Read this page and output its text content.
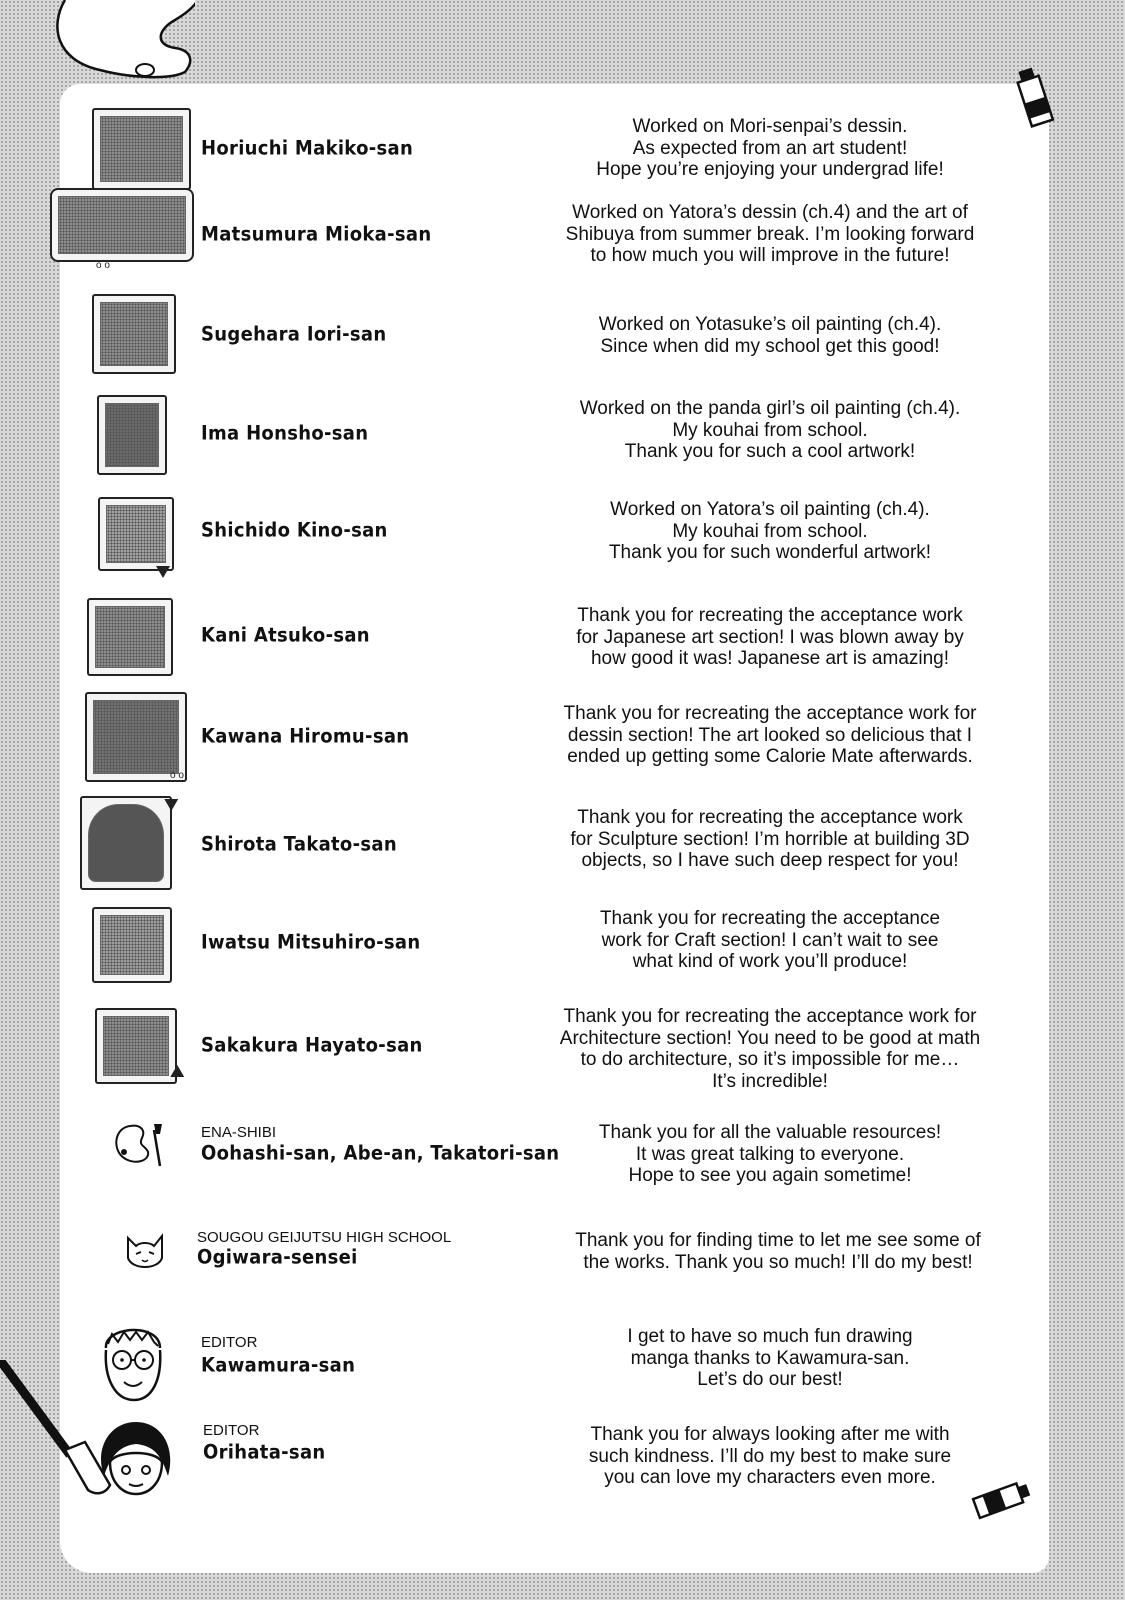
Horiuchi Makiko-san
Worked on Mori-senpai’s dessin.
As expected from an art student!
Hope you’re enjoying your undergrad life!
o o
Matsumura Mioka-san
Worked on Yatora’s dessin (ch.4) and the art of
Shibuya from summer break. I’m looking forward
to how much you will improve in the future!
Sugehara Iori-san	Worked on Yotasuke’s oil painting (ch.4).
Since when did my school get this good!
Ima Honsho-san
Worked on the panda girl’s oil painting (ch.4).
My kouhai from school.
Thank you for such a cool artwork!
Shichido Kino-san
Worked on Yatora’s oil painting (ch.4).
My kouhai from school.
Thank you for such wonderful artwork!
Kani Atsuko-san
Thank you for recreating the acceptance work
for Japanese art section! I was blown away by
how good it was! Japanese art is amazing!
o o
Kawana Hiromu-san
Thank you for recreating the acceptance work for
dessin section! The art looked so delicious that I
ended up getting some Calorie Mate afterwards.
Shirota Takato-san
Thank you for recreating the acceptance work
for Sculpture section! I’m horrible at building 3D
objects, so I have such deep respect for you!
Iwatsu Mitsuhiro-san
Thank you for recreating the acceptance
work for Craft section! I can’t wait to see
what kind of work you’ll produce!
Sakakura Hayato-san
Thank you for recreating the acceptance work for
Architecture section! You need to be good at math
to do architecture, so it’s impossible for me…
It’s incredible!
ENA-SHIBI
Oohashi-san, Abe-an, Takatori-san
Thank you for all the valuable resources!
It was great talking to everyone.
Hope to see you again sometime!
SOUGOU GEIJUTSU HIGH SCHOOL
Ogiwara-sensei
Thank you for finding time to let me see some of
the works. Thank you so much! I’ll do my best!
EDITOR
Kawamura-san
I get to have so much fun drawing
manga thanks to Kawamura-san.
Let’s do our best!
EDITOR
Orihata-san
Thank you for always looking after me with
such kindness. I’ll do my best to make sure
you can love my characters even more.
